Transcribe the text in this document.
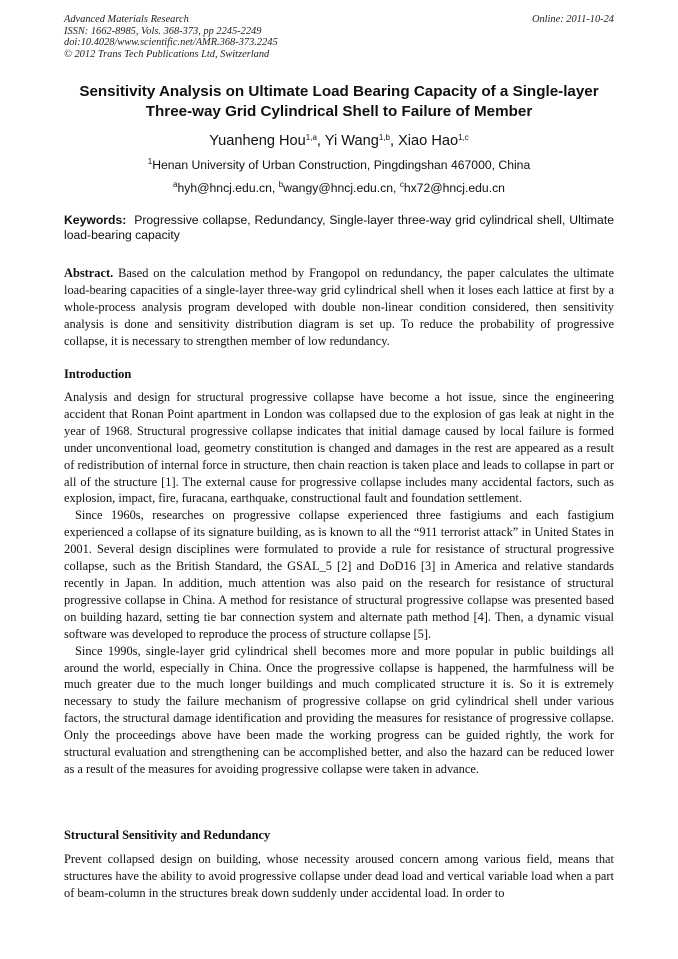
Advanced Materials Research
ISSN: 1662-8985, Vols. 368-373, pp 2245-2249
doi:10.4028/www.scientific.net/AMR.368-373.2245
© 2012 Trans Tech Publications Ltd, Switzerland
Online: 2011-10-24
Sensitivity Analysis on Ultimate Load Bearing Capacity of a Single-layer Three-way Grid Cylindrical Shell to Failure of Member
Yuanheng Hou$^{1,a}$, Yi Wang$^{1,b}$, Xiao Hao$^{1,c}$
$^1$Henan University of Urban Construction, Pingdingshan 467000, China
$^a$hyh@hncj.edu.cn, $^b$wangy@hncj.edu.cn, $^c$hx72@hncj.edu.cn
Keywords: Progressive collapse, Redundancy, Single-layer three-way grid cylindrical shell, Ultimate load-bearing capacity
Abstract. Based on the calculation method by Frangopol on redundancy, the paper calculates the ultimate load-bearing capacities of a single-layer three-way grid cylindrical shell when it loses each lattice at first by a whole-process analysis program developed with double non-linear condition considered, then sensitivity analysis is done and sensitivity distribution diagram is set up. To reduce the probability of progressive collapse, it is necessary to strengthen member of low redundancy.
Introduction

Analysis and design for structural progressive collapse have become a hot issue, since the engineering accident that Ronan Point apartment in London was collapsed due to the explosion of gas leak at night in the year of 1968. Structural progressive collapse indicates that initial damage caused by local failure is formed under unconventional load, geometry constitution is changed and damages in the rest are appeared as a result of redistribution of internal force in structure, then chain reaction is taken place and leads to collapse in part or all of the structure [1]. The external cause for progressive collapse includes many accidental factors, such as explosion, impact, fire, furacana, earthquake, constructional fault and foundation settlement.

Since 1960s, researches on progressive collapse experienced three fastigiums and each fastigium experienced a collapse of its signature building, as is known to all the “911 terrorist attack” in United States in 2001. Several design disciplines were formulated to provide a rule for resistance of structural progressive collapse, such as the British Standard, the GSAL_5 [2] and DoD16 [3] in America and relative standards recently in Japan. In addition, much attention was also paid on the research for resistance of structural progressive collapse in China. A method for resistance of structural progressive collapse was presented based on building hazard, setting tie bar connection system and alternate path method [4]. Then, a dynamic visual software was developed to reproduce the process of structure collapse [5].

Since 1990s, single-layer grid cylindrical shell becomes more and more popular in public buildings all around the world, especially in China. Once the progressive collapse is happened, the harmfulness will be much greater due to the much longer buildings and much complicated structure it is. So it is extremely necessary to study the failure mechanism of progressive collapse on grid cylindrical shell under various factors, the structural damage identification and providing the measures for resistance of progressive collapse. Only the proceedings above have been made the working progress can be guided rightly, the work for structural evaluation and strengthening can be accomplished better, and also the hazard can be reduced lower as a result of the measures for avoiding progressive collapse were taken in advance.

Structural Sensitivity and Redundancy

Prevent collapsed design on building, whose necessity aroused concern among various field, means that structures have the ability to avoid progressive collapse under dead load and vertical variable load when a part of beam-column in the structures break down suddenly under accidental load. In order to
